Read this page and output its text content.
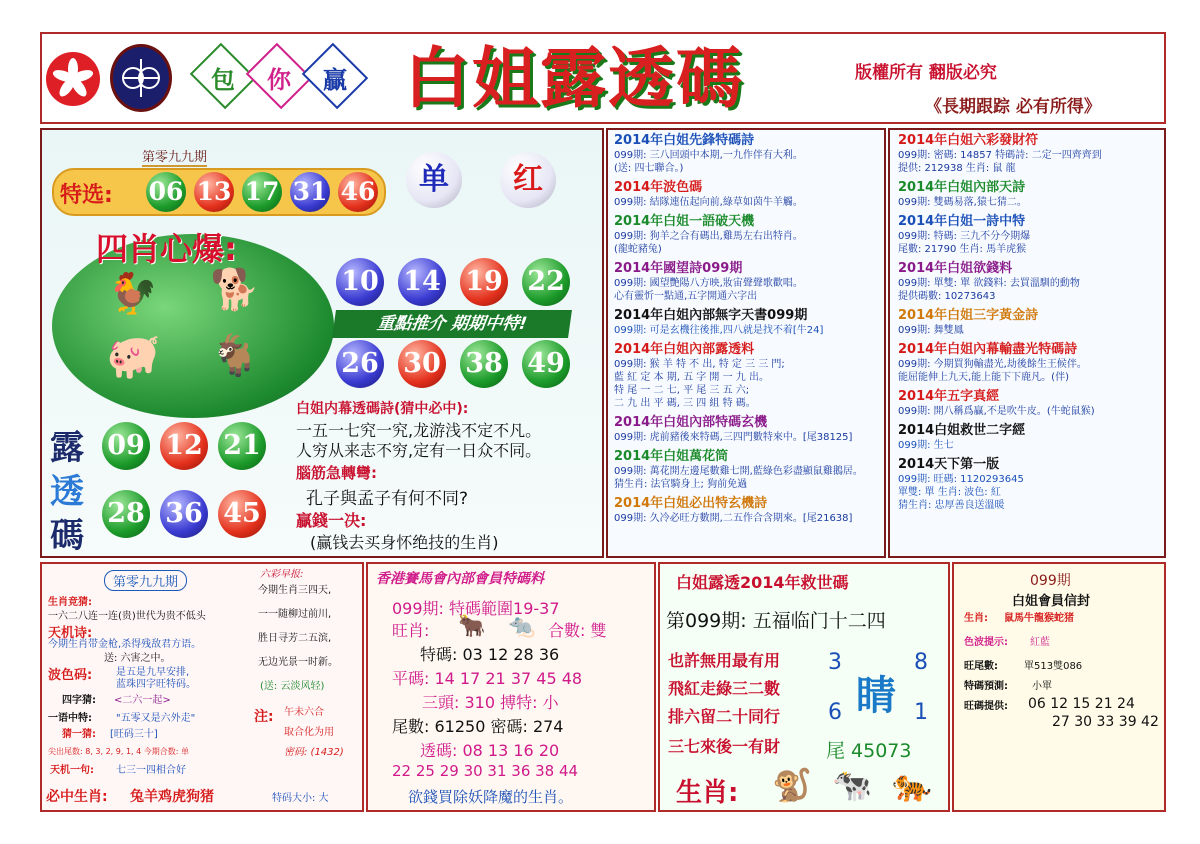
包	你	贏 白姐露透碼	版權所有 翻版必究
《長期跟踪 必有所得》
第零九九期
特选: 06 13 17 31 46	单	红
四肖心爆:
🐓 🐕
🐖 🐐
10 14 19 22
重點推介 期期中特!
26 30 38 49
露
透
碼
09 12 21
28 36 45
白姐内幕透碼詩(猜中必中):
一五一七究一究,龙游浅不定不凡。
人穷从来志不穷,定有一日众不同。
腦筋急轉彎:
孔子與孟子有何不同?
贏錢一决:
(赢钱去买身怀绝技的生肖)
2014年白姐先鋒特碼詩
099期: 三八回頭中本期,一九作伴有大利。
(送: 四七聯合。)
2014年波色碼
099期: 結隊連伍起向前,綠草如茵牛羊觸。
2014年白姐一語破天機
099期: 狗羊之合有碼出,雞馬左右出特肖。
(龍蛇豬兔)
2014年國望詩099期
099期: 國望艷陽八方映,妝宙聲聲歌歡唱。
心有靈忻一點通,五字開通六字出
2014年白姐內部無字天書099期
099期: 可是玄機往後推,四八就是找不着[牛24]
2014年白姐內部露透料
099期: 猴 羊 特 不 出, 特 定 三 三 門;
藍 紅 定 本 期, 五 字 開 一 九 出。
特 尾 一 二 七, 平 尾 三 五 六;
二 九 出 平 碼, 三 四 組 特 碼。
2014年白姐內部特碼玄機
099期: 虎前豬後來特碼,三四門數特來中。[尾38125]
2014年白姐萬花筒
099期: 萬花開左邊尾數雞七開,藍綠色彩盡顯鼠雞鵝居。
猜生肖: 法官騎身上; 狗前免過
2014年白姐必出特玄機詩
099期: 久冷必旺方數開,二五作合含期來。[尾21638]
2014年白姐六彩發財符
099期: 密碼: 14857 特碼詩: 二定一四齊齊到
提供: 212938 生肖: 鼠 龍
2014年白姐內部天詩
099期: 雙碼易落,猿七猜二。
2014年白姐一詩中特
099期: 特碼: 三九不分今期爆
尾數: 21790 生肖: 馬羊虎猴
2014年白姐欲錢料
099期: 單雙: 單 欲錢料: 去買溫馴的動物
提供碼數: 10273643
2014年白姐三字黃金詩
099期: 舞雙鳳
2014年白姐內幕輸盡光特碼詩
099期: 今期買狗輸盡光,劫後餘生王候伴。
能屈能伸上九天,能上能下下鹿凡。(伴)
2014年五字真經
099期: 開八稱爲贏,不是吹牛皮。(牛蛇鼠猴)
2014白姐救世二字經
099期: 生七
2014天下第一版
099期: 旺碼: 1120293645
單雙: 單 生肖: 波色: 紅
猜生肖: 忠厚善良送溫暖
第零九九期
生肖竞猜:
一六二八连一连(贵)世代为贵不低头
天机诗:
今期生肖带金枪,杀得残敌君方语。
送: 六害之中。
波色码: 是五是九早安排,
蓝珠四字旺特码。
四字猜: <二六一起>
一语中特: "五零又是六外走"
猜一猜: [旺码三十]
尖出尾数: 8, 3, 2, 9, 1, 4 今期合数: 单
天机一句: 七三一四相合好
必中生肖: 兔羊鸡虎狗猪
六彩早报:
今期生肖三四天,
一一随柳过前川,
胜日寻芳二五滨,
无边光景一时新。
(送: 云淡风轻)
注: 午未六合
取合化为用
密码: (1432)
特码大小: 大
香港賽馬會內部會員特碼料
099期: 特碼範圍19-37
旺肖: 🐂 🐀 合數: 雙
特碼: 03 12 28 36
平碼: 14 17 21 37 45 48
三頭: 310 搏特: 小
尾數: 61250 密碼: 274
透碼: 08 13 16 20
22 25 29 30 31 36 38 44
欲錢買除妖降魔的生肖。
白姐露透2014年救世碼
第099期: 五福临门十二四
也許無用最有用
飛紅走綠三二數
排六留二十同行
三七來後一有財
3	8
6	1
睛
尾 45073
生肖: 🐒 🐄 🐅
099期
白姐會員信封
生肖: 鼠馬牛龍猴蛇猪
色波提示: 紅藍
旺尾數:	單513雙086
特碼預測: 小單
旺碼提供: 06 12 15 21 24
27 30 33 39 42
